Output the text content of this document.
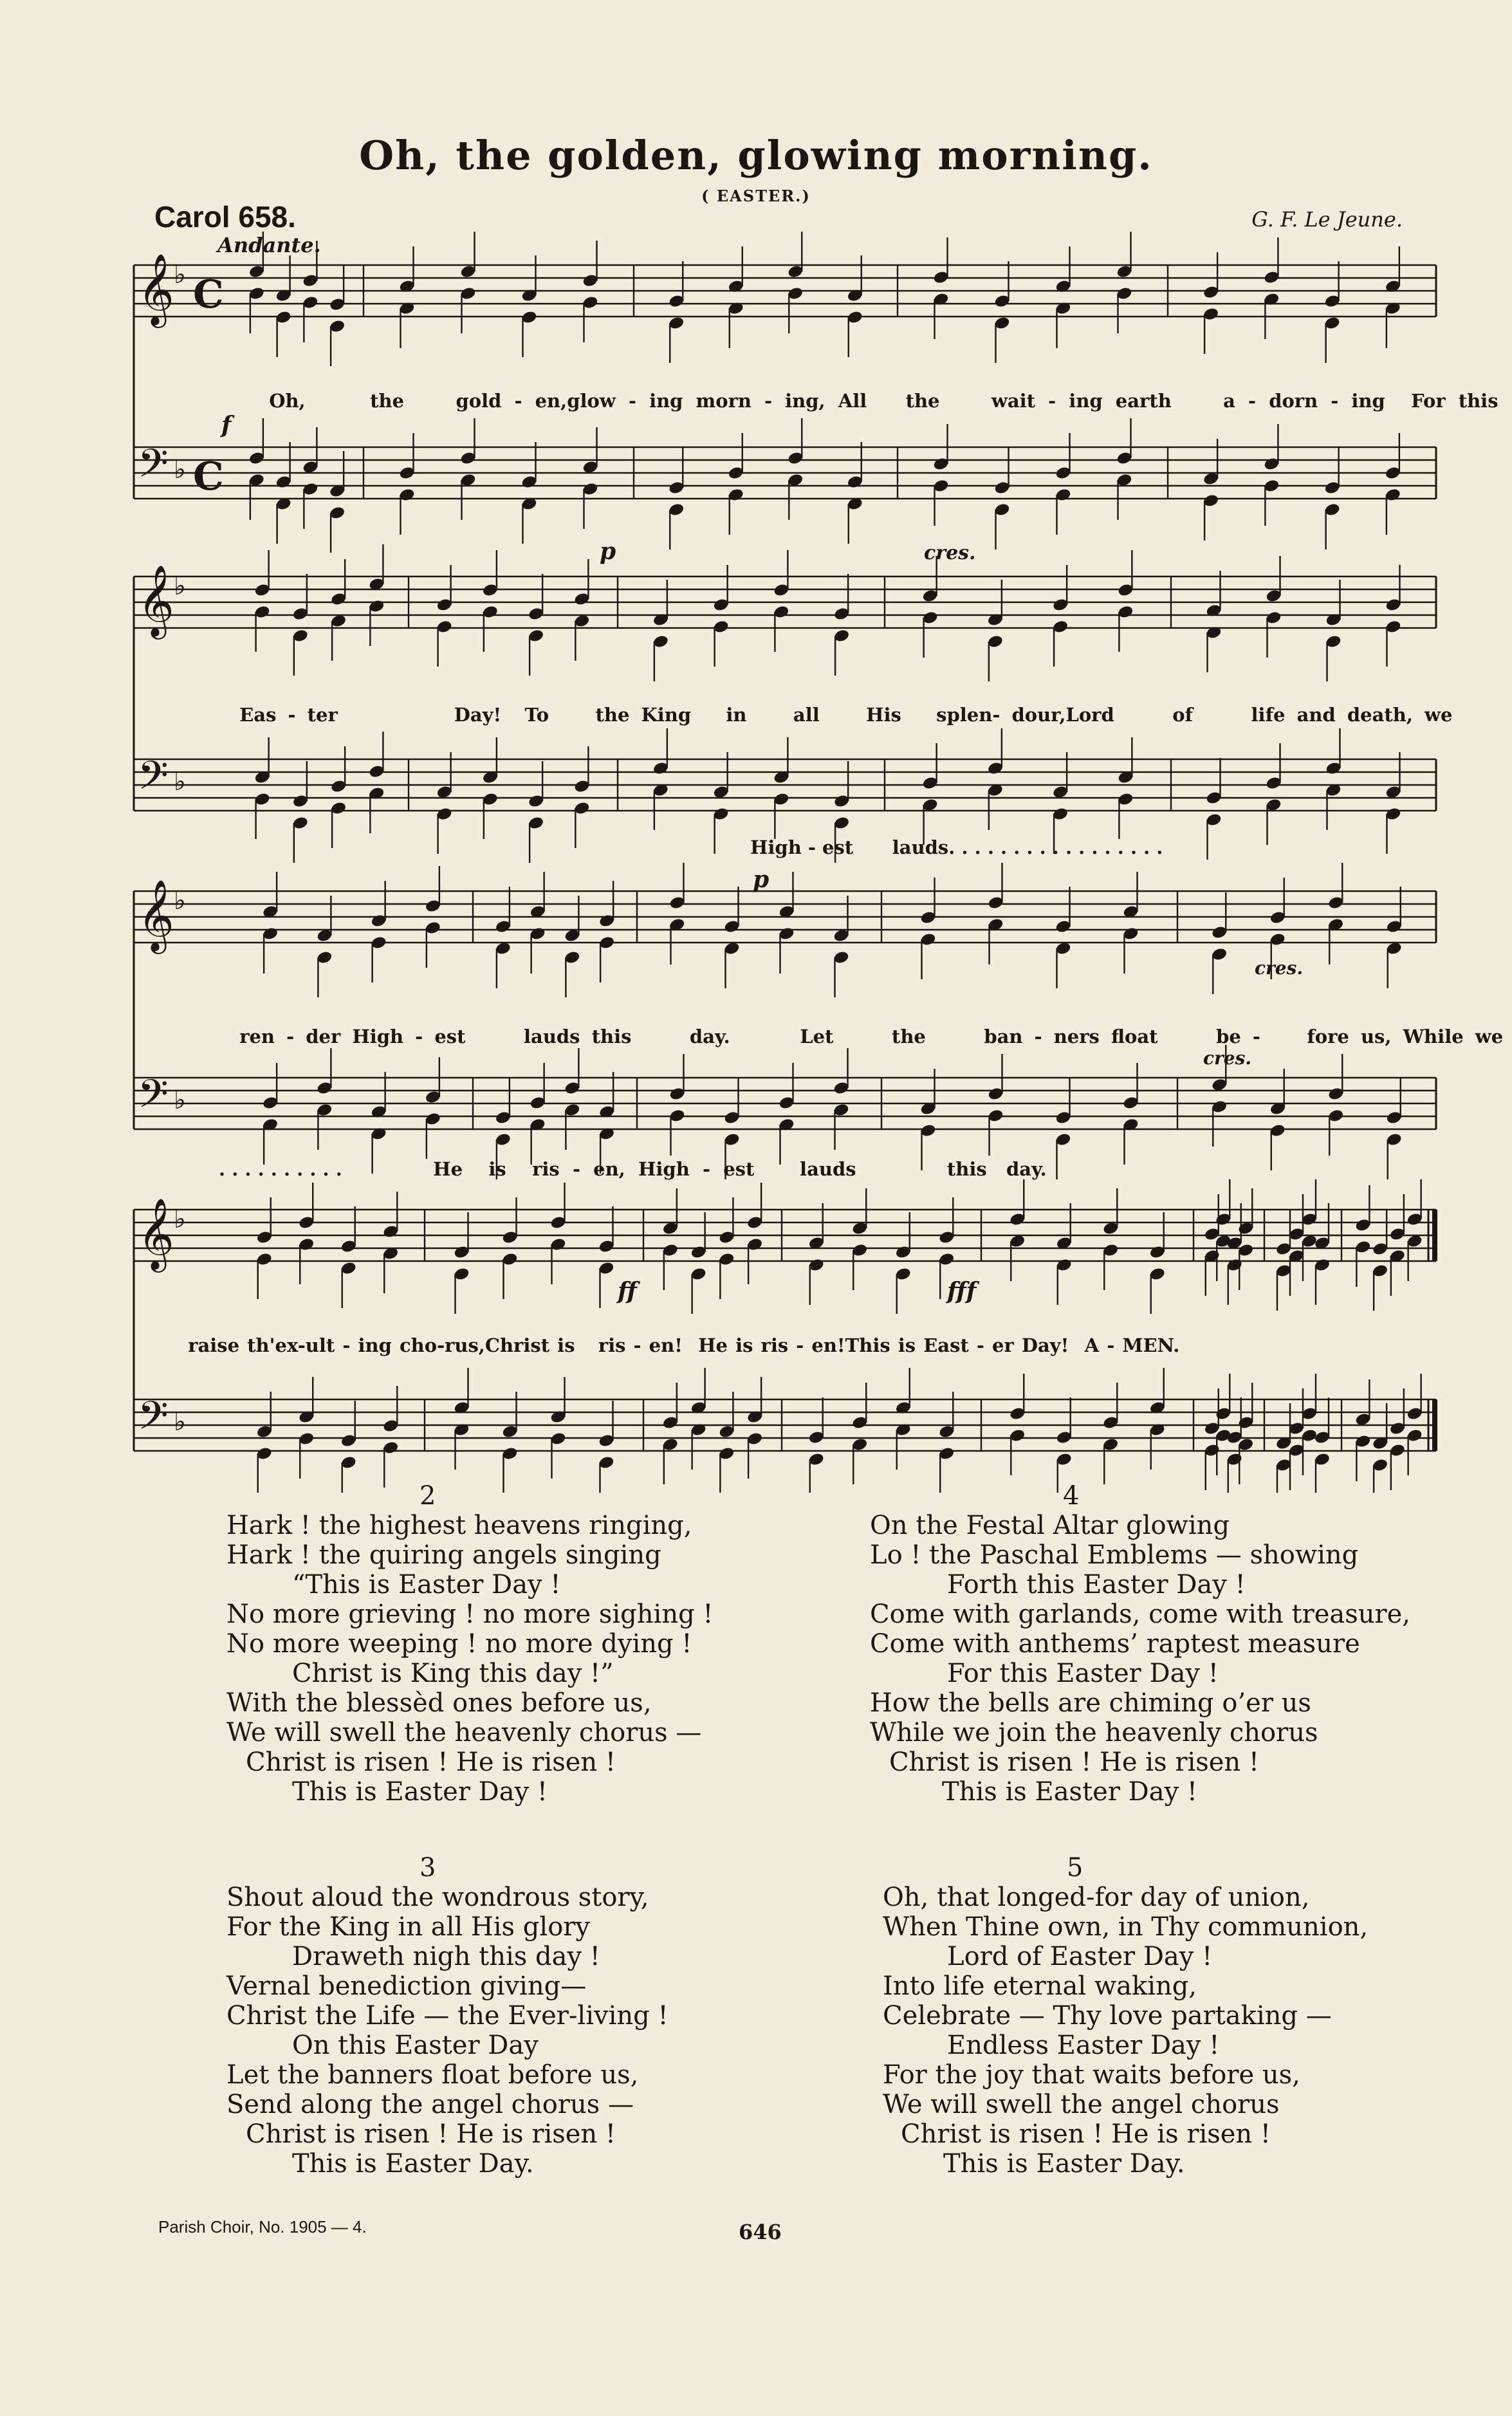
Oh, the golden, glowing morning.
( EASTER.)
Carol 658.	G. F. Le Jeune.
Andante.
𝄞 ♭ C
𝄢 ♭ C
𝄞 ♭
𝄢 ♭
𝄞 ♭
𝄢 ♭
𝄞 ♭
𝄢 ♭
f
p	cres.
p
cres.
cres.
ff	fff

Oh,	the	gold - en,glow - ing morn - ing, All the	wait - ing earth	a - dorn - ing For this

Eas - ter	Day! To the King in all His splen- dour,Lord	of	life and death, we

High - est      lauds. . . . . . . . . . . . . . . . .

ren - der High - est	lauds this	day.	Let	the	ban - ners float	be - fore us, While we

. . . . . . . . . .              He    is    ris  -  en,  High  -  est       lauds              this   day.

raise th'ex-ult - ing cho-rus,Christ is ris - en! He is ris - en!This is East - er Day! A - MEN.

2
Hark ! the highest heavens ringing,
Hark ! the quiring angels singing
“This is Easter Day !
No more grieving ! no more sighing !
No more weeping ! no more dying !
Christ is King this day !”
With the blessèd ones before us,
We will swell the heavenly chorus —
Christ is risen ! He is risen !
This is Easter Day !
3
Shout aloud the wondrous story,
For the King in all His glory
Draweth nigh this day !
Vernal benediction giving—
Christ the Life — the Ever-living !
On this Easter Day
Let the banners float before us,
Send along the angel chorus —
Christ is risen ! He is risen !
This is Easter Day.
4
On the Festal Altar glowing
Lo ! the Paschal Emblems — showing
Forth this Easter Day !
Come with garlands, come with treasure,
Come with anthems’ raptest measure
For this Easter Day !
How the bells are chiming o’er us
While we join the heavenly chorus
Christ is risen ! He is risen !
This is Easter Day !
5
Oh, that longed-for day of union,
When Thine own, in Thy communion,
Lord of Easter Day !
Into life eternal waking,
Celebrate — Thy love partaking —
Endless Easter Day !
For the joy that waits before us,
We will swell the angel chorus
Christ is risen ! He is risen !
This is Easter Day.
Parish Choir, No. 1905 — 4.	646
